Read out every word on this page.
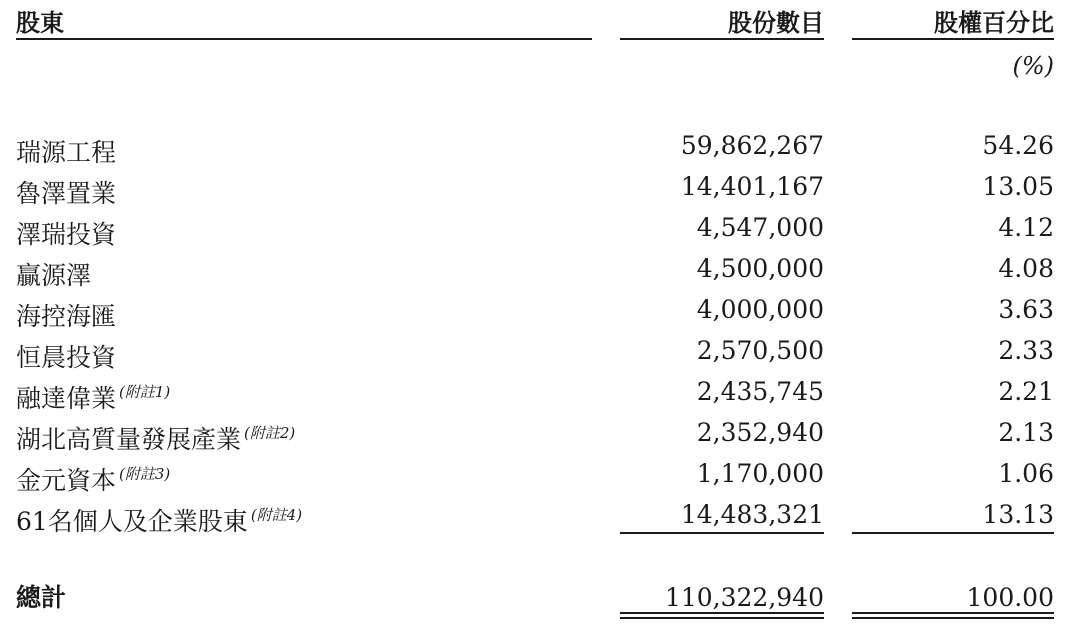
股東	股份數目	股權百分比
(%)
瑞源工程	59,862,267	54.26
魯澤置業	14,401,167	13.05
澤瑞投資	4,547,000	4.12
贏源澤	4,500,000	4.08
海控海匯	4,000,000	3.63
恒晨投資	2,570,500	2.33
融達偉業 $^{(附註1)}$	2,435,745	2.21
湖北高質量發展產業 $^{(附註2)}$	2,352,940	2.13
金元資本 $^{(附註3)}$	1,170,000	1.06
61名個人及企業股東 $^{(附註4)}$	14,483,321	13.13
總計	110,322,940	100.00
